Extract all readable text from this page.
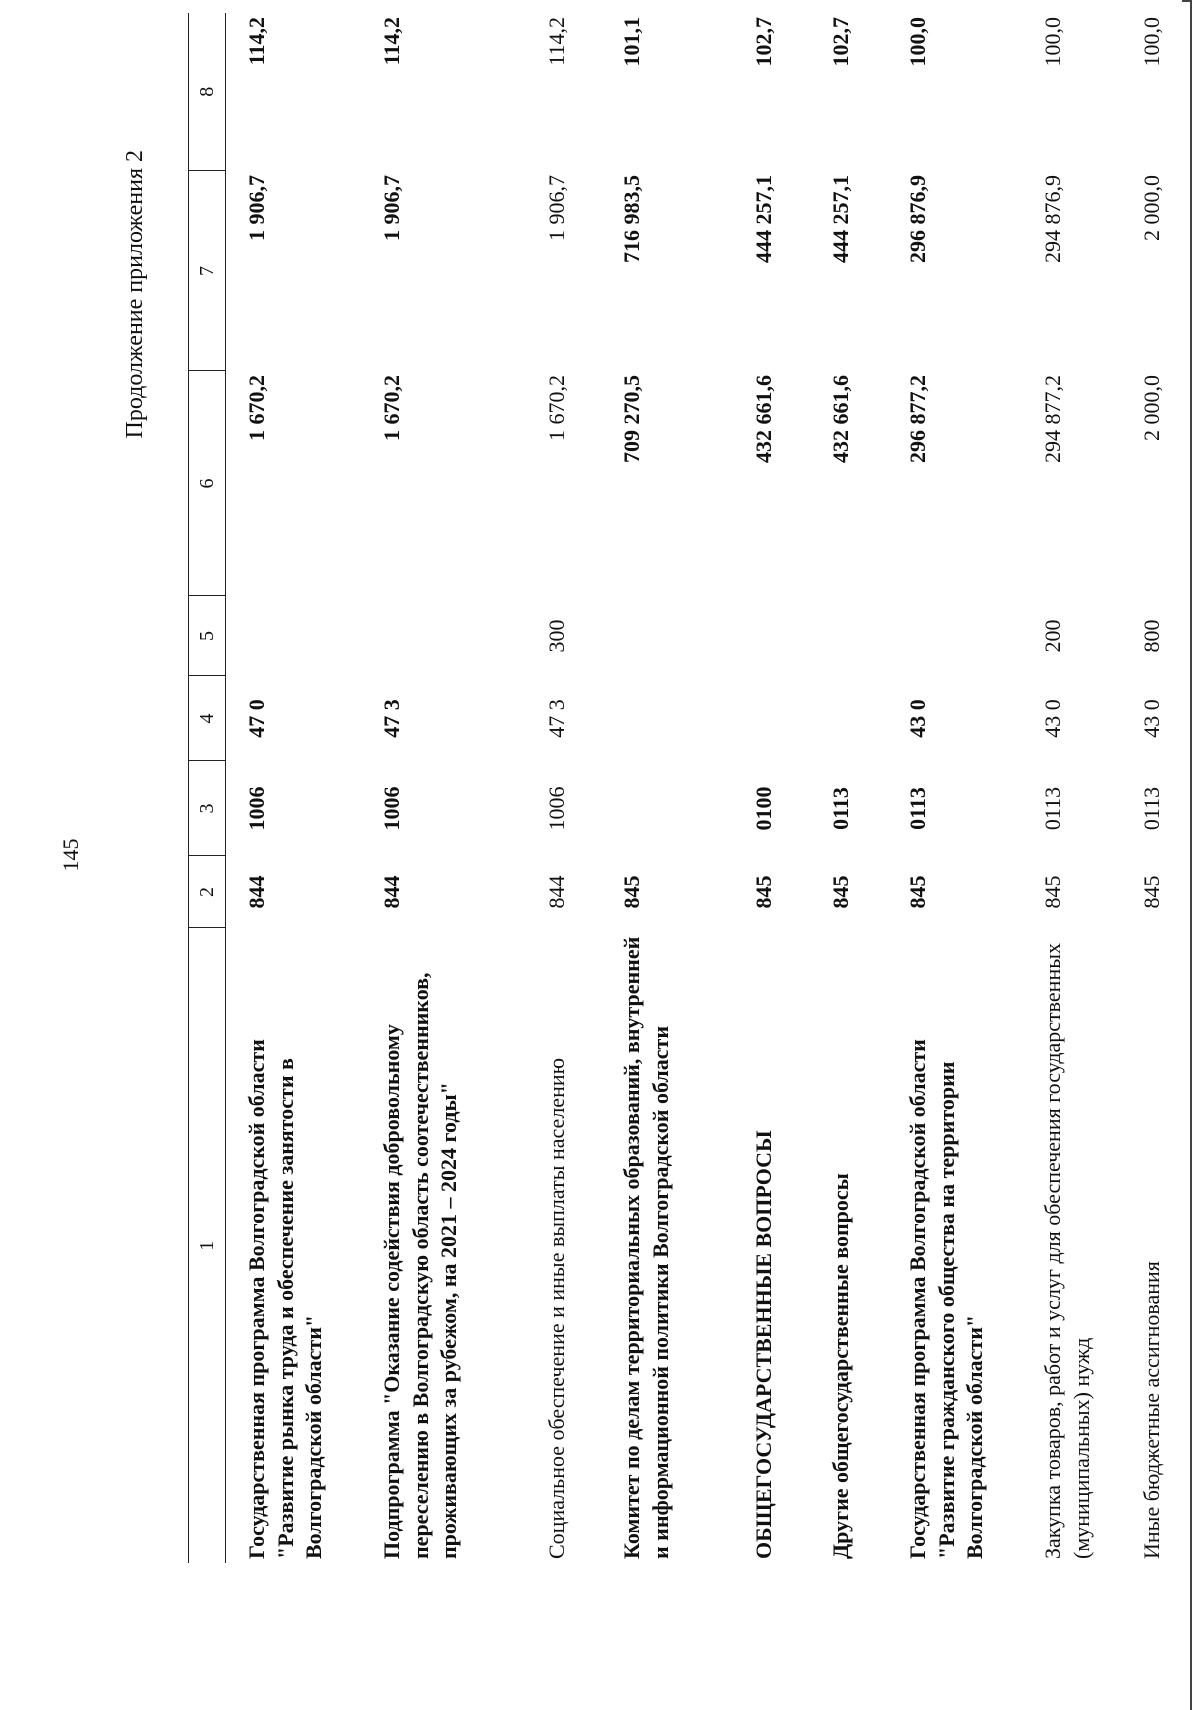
145
Продолжение приложения 2
1	2	3	4	5	6	7	8
Государственная программа Волгоградской области "Развитие рынка труда и обеспечение занятости в Волгоградской области"	844	1006	47 0		1 670,2	1 906,7	114,2
Подпрограмма "Оказание содействия добровольному переселению в Волгоградскую область соотечественников, проживающих за рубежом, на 2021 – 2024 годы"	844	1006	47 3		1 670,2	1 906,7	114,2
Социальное обеспечение и иные выплаты населению	844	1006	47 3	300	1 670,2	1 906,7	114,2
Комитет по делам территориальных образований, внутренней и информационной политики Волгоградской области	845				709 270,5	716 983,5	101,1
ОБЩЕГОСУДАРСТВЕННЫЕ ВОПРОСЫ	845	0100			432 661,6	444 257,1	102,7
Другие общегосударственные вопросы	845	0113			432 661,6	444 257,1	102,7
Государственная программа Волгоградской области "Развитие гражданского общества на территории Волгоградской области"	845	0113	43 0		296 877,2	296 876,9	100,0
Закупка товаров, работ и услуг для обеспечения государственных (муниципальных) нужд	845	0113	43 0	200	294 877,2	294 876,9	100,0
Иные бюджетные ассигнования	845	0113	43 0	800	2 000,0	2 000,0	100,0
